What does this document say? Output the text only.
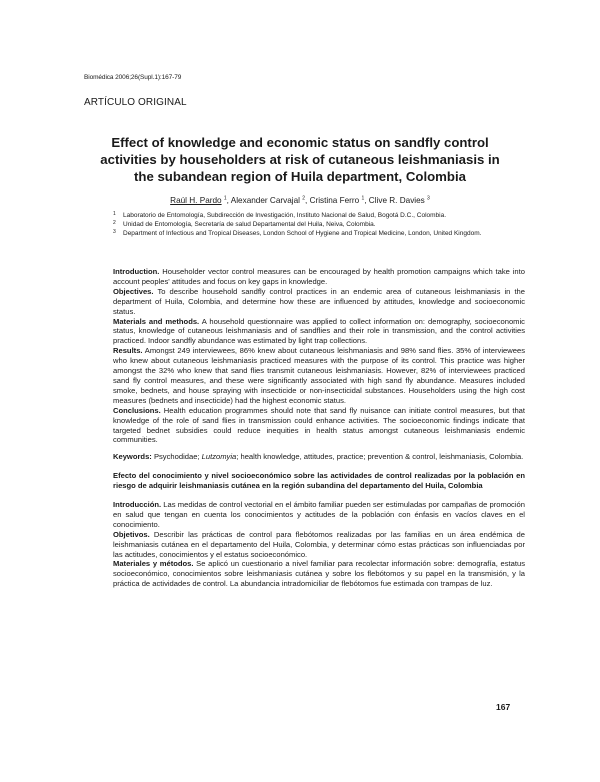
Biomédica 2006;26(Supl.1):167-79
ARTÍCULO ORIGINAL
Effect of knowledge and economic status on sandfly control
activities by householders at risk of cutaneous leishmaniasis in
the subandean region of Huila department, Colombia
Raúl H. Pardo $^1$, Alexander Carvajal $^2$, Cristina Ferro $^1$, Clive R. Davies $^3$
1	Laboratorio de Entomología, Subdirección de Investigación, Instituto Nacional de Salud, Bogotá D.C., Colombia.
2	Unidad de Entomología, Secretaría de salud Departamental del Huila, Neiva, Colombia.
3	Department of Infectious and Tropical Diseases, London School of Hygiene and Tropical Medicine, London, United Kingdom.

Introduction. Householder vector control measures can be encouraged by health promotion campaigns which take into account peoples' attitudes and focus on key gaps in knowledge.

Objectives. To describe household sandfly control practices in an endemic area of cutaneous leishmaniasis in the department of Huila, Colombia, and determine how these are influenced by attitudes, knowledge and socioeconomic status.

Materials and methods. A household questionnaire was applied to collect information on: demography, socioeconomic status, knowledge of cutaneous leishmaniasis and of sandflies and their role in transmission, and the control activities practiced. Indoor sandfly abundance was estimated by light trap collections.

Results. Amongst 249 interviewees, 86% knew about cutaneous leishmaniasis and 98% sand flies. 35% of interviewees who knew about cutaneous leishmaniasis practiced measures with the purpose of its control. This practice was higher amongst the 32% who knew that sand flies transmit cutaneous leishmaniasis. However, 82% of interviewees practiced sand fly control measures, and these were significantly associated with high sand fly abundance. Measures included smoke, bednets, and house spraying with insecticide or non-insecticidal substances. Householders using the high cost measures (bednets and insecticide) had the highest economic status.

Conclusions. Health education programmes should note that sand fly nuisance can initiate control measures, but that knowledge of the role of sand flies in transmission could enhance activities. The socioeconomic findings indicate that targeted bednet subsidies could reduce inequities in health status amongst cutaneous leishmaniasis endemic communities.

Keywords: Psychodidae; Lutzomyia; health knowledge, attitudes, practice; prevention & control, leishmaniasis, Colombia.

Efecto del conocimiento y nivel socioeconómico sobre las actividades de control realizadas por la población en riesgo de adquirir leishmaniasis cutánea en la región subandina del departamento del Huila, Colombia

Introducción. Las medidas de control vectorial en el ámbito familiar pueden ser estimuladas por campañas de promoción en salud que tengan en cuenta los conocimientos y actitudes de la población con énfasis en vacíos claves en el conocimiento.

Objetivos. Describir las prácticas de control para flebótomos realizadas por las familias en un área endémica de leishmaniasis cutánea en el departamento del Huila, Colombia, y determinar cómo estas prácticas son influenciadas por las actitudes, conocimientos y el estatus socioeconómico.

Materiales y métodos. Se aplicó un cuestionario a nivel familiar para recolectar información sobre: demografía, estatus socioeconómico, conocimientos sobre leishmaniasis cutánea y sobre los flebótomos y su papel en la transmisión, y la práctica de actividades de control. La abundancia intradomiciliar de flebótomos fue estimada con trampas de luz.

167
